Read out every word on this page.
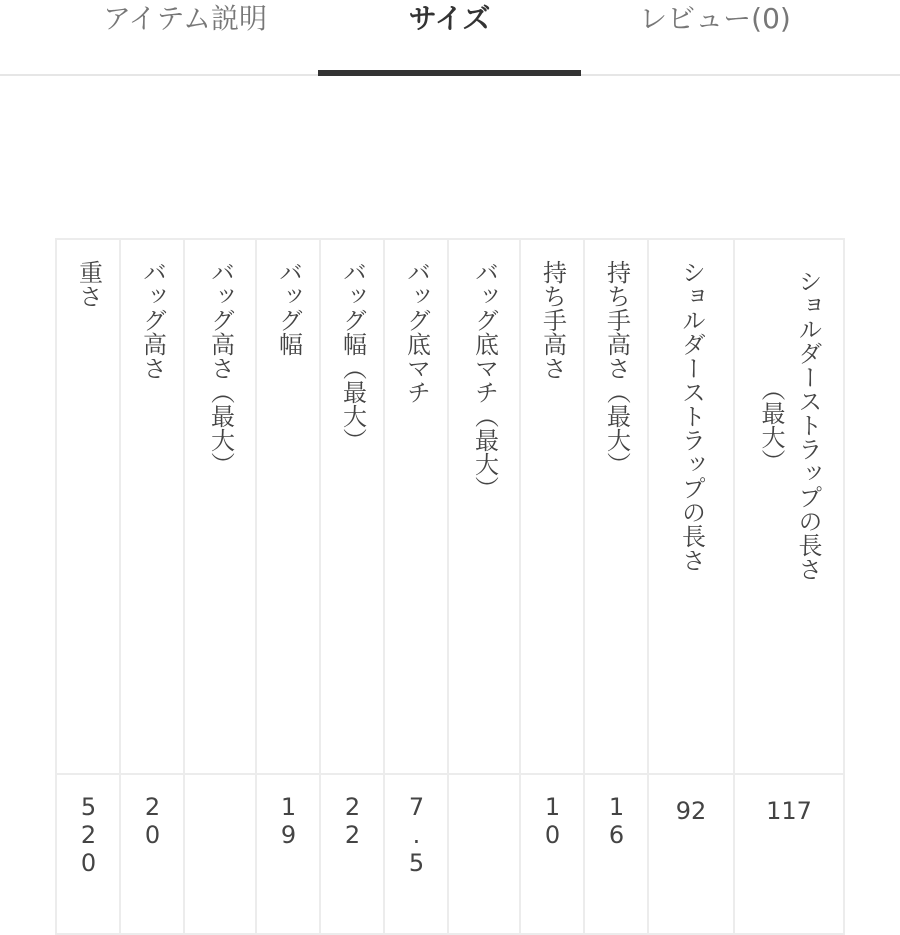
アイテム説明	サイズ	レビュー(0)
重さ	バッグ高さ	バッグ高さ（最大）	バッグ幅	バッグ幅（最大）	バッグ底マチ	バッグ底マチ（最大）	持ち手高さ	持ち手高さ（最大）	ショルダーストラップの長さ	ショルダーストラップの長さ（最大）
520	20		19	22	7.5		10	16	92	117
